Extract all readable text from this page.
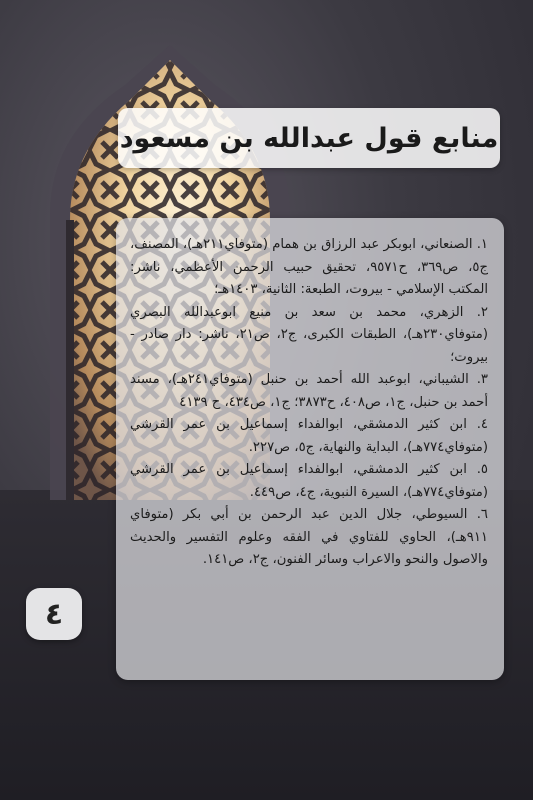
منابع قول عبدالله بن مسعود

١. الصنعاني، ابوبكر عبد الرزاق بن همام (متوفاي٢١١هـ)، المصنف، ج٥، ص٣٦٩، ح٩٥٧١، تحقيق حبيب الرحمن الأعظمي، ناشر: المكتب الإسلامي - بيروت، الطبعة: الثانية، ١٤٠٣هـ؛

٢. الزهري، محمد بن سعد بن منيع ابوعبدالله البصري (متوفاي٢٣٠هـ)، الطبقات الكبرى، ج٢، ص٢١، ناشر: دار صادر - بيروت؛

٣. الشيباني، ابوعبد الله أحمد بن حنبل (متوفاي٢٤١هـ)، مسند أحمد بن حنبل، ج١، ص٤٠٨، ح٣٨٧٣؛ ج١، ص٤٣٤، ح ٤١٣٩

٤. ابن كثير الدمشقي، ابوالفداء إسماعيل بن عمر القرشي (متوفاي٧٧٤هـ)، البداية والنهاية، ج٥، ص٢٢٧.

٥. ابن كثير الدمشقي، ابوالفداء إسماعيل بن عمر القرشي (متوفاي٧٧٤هـ)، السيرة النبوية، ج٤، ص٤٤٩.

٦. السيوطي، جلال الدين عبد الرحمن بن أبي بكر (متوفاي ٩١١هـ)، الحاوي للفتاوي في الفقه وعلوم التفسير والحديث والاصول والنحو والاعراب وسائر الفنون، ج٢، ص١٤١.

٤
